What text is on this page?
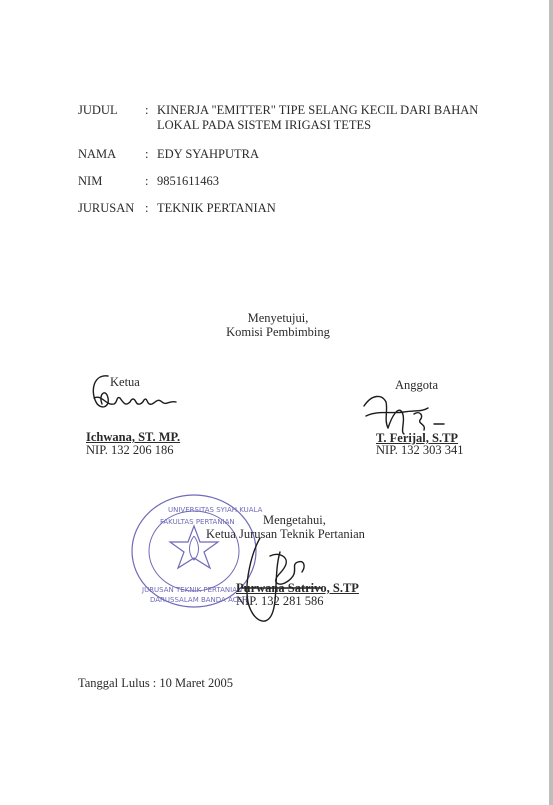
JUDUL : KINERJA "EMITTER" TIPE SELANG KECIL DARI BAHAN
LOKAL PADA SISTEM IRIGASI TETES
NAMA : EDY SYAHPUTRA
NIM	: 9851611463
JURUSAN : TEKNIK PERTANIAN
Menyetujui,
Komisi Pembimbing
Ketua
Ichwana, ST. MP.
NIP. 132 206 186
Anggota
T. Ferijal, S.TP
NIP. 132 303 341
UNIVERSITAS SYIAH KUALA
FAKULTAS PERTANIAN
JURUSAN TEKNIK PERTANIAN
DARUSSALAM BANDA ACEH
Mengetahui,
Ketua Jurusan Teknik Pertanian
Purwana Satrivo, S.TP
NIP. 132 281 586
Tanggal Lulus : 10 Maret 2005
